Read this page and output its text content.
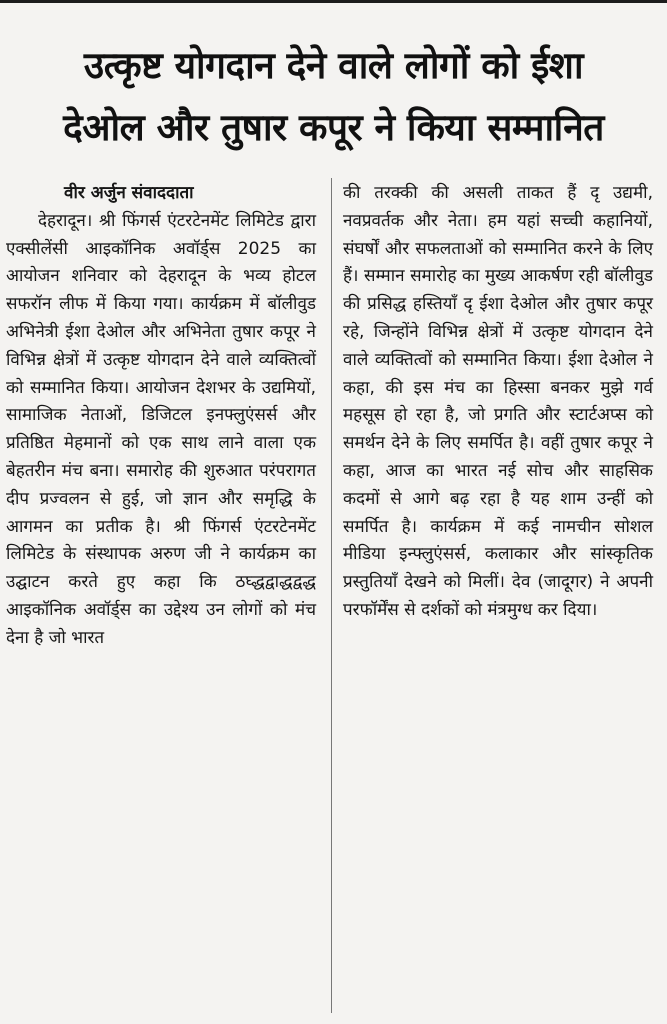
उत्कृष्ट योगदान देने वाले लोगों को ईशा
देओल और तुषार कपूर ने किया सम्मानित

वीर अर्जुन संवाददाता

देहरादून। श्री फिंगर्स एंटरटेनमेंट लिमिटेड द्वारा एक्सीलेंसी आइकॉनिक अवॉर्ड्स 2025 का आयोजन शनिवार को देहरादून के भव्य होटल सफरॉन लीफ में किया गया। कार्यक्रम में बॉलीवुड अभिनेत्री ईशा देओल और अभिनेता तुषार कपूर ने विभिन्न क्षेत्रों में उत्कृष्ट योगदान देने वाले व्यक्तित्वों को सम्मानित किया। आयोजन देशभर के उद्यमियों, सामाजिक नेताओं, डिजिटल इनफ्लुएंसर्स और प्रतिष्ठित मेहमानों को एक साथ लाने वाला एक बेहतरीन मंच बना। समारोह की शुरुआत परंपरागत दीप प्रज्वलन से हुई, जो ज्ञान और समृद्धि के आगमन का प्रतीक है। श्री फिंगर्स एंटरटेनमेंट लिमिटेड के संस्थापक अरुण जी ने कार्यक्रम का उद्घाटन करते हुए कहा कि ठघ्द्धद्वाद्धद्वद्ध आइकॉनिक अवॉर्ड्स का उद्देश्य उन लोगों को मंच देना है जो भारत

की तरक्की की असली ताकत हैं दृ उद्यमी, नवप्रवर्तक और नेता। हम यहां सच्ची कहानियों, संघर्षों और सफलताओं को सम्मानित करने के लिए हैं। सम्मान समारोह का मुख्य आकर्षण रही बॉलीवुड की प्रसिद्ध हस्तियाँ दृ ईशा देओल और तुषार कपूर रहे, जिन्होंने विभिन्न क्षेत्रों में उत्कृष्ट योगदान देने वाले व्यक्तित्वों को सम्मानित किया। ईशा देओल ने कहा, की इस मंच का हिस्सा बनकर मुझे गर्व महसूस हो रहा है, जो प्रगति और स्टार्टअप्स को समर्थन देने के लिए समर्पित है। वहीं तुषार कपूर ने कहा, आज का भारत नई सोच और साहसिक कदमों से आगे बढ़ रहा है यह शाम उन्हीं को समर्पित है। कार्यक्रम में कई नामचीन सोशल मीडिया इन्फ्लुएंसर्स, कलाकार और सांस्कृतिक प्रस्तुतियाँ देखने को मिलीं। देव (जादूगर) ने अपनी परफॉर्मेंस से दर्शकों को मंत्रमुग्ध कर दिया।
